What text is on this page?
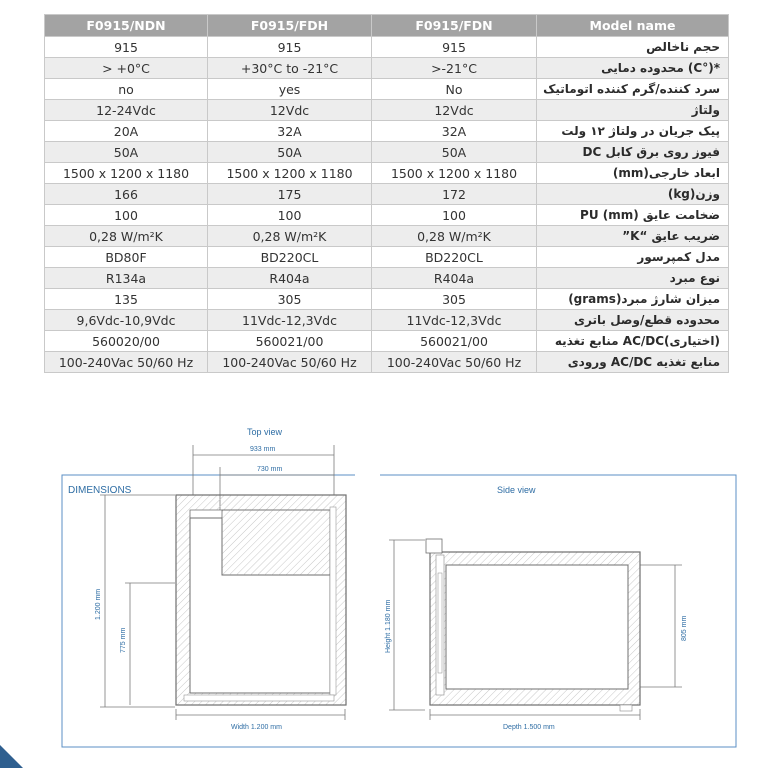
F0915/NDN	F0915/FDH	F0915/FDN	Model name
915	915	915	حجم ناخالص
> +0°C	+30°C to -21°C	>-21°C	*(°C) محدوده دمایی
no	yes	No	سرد کننده/گرم کننده اتوماتیک
12-24Vdc	12Vdc	12Vdc	ولتاژ
20A	32A	32A	پیک جریان در ولتاژ ۱۲ ولت
50A	50A	50A	فیوز روی برق کابل DC
1500 x 1200 x 1180	1500 x 1200 x 1180	1500 x 1200 x 1180	ابعاد خارجی(mm)
166	175	172	وزن(kg)
100	100	100	ضخامت عایق PU (mm)
0,28 W/m²K	0,28 W/m²K	0,28 W/m²K	ضریب عایق “K”
BD80F	BD220CL	BD220CL	مدل کمپرسور
R134a	R404a	R404a	نوع مبرد
135	305	305	میزان شارژ مبرد(grams)
9,6Vdc-10,9Vdc	11Vdc-12,3Vdc	11Vdc-12,3Vdc	محدوده قطع/وصل باتری
560020/00	560021/00	560021/00	(اختیاری)AC/DC منابع تغذیه
100-240Vac 50/60 Hz	100-240Vac 50/60 Hz	100-240Vac 50/60 Hz	منابع تغذیه AC/DC ورودی
DIMENSIONS
Top view
Side view
933 mm
730 mm
1.200 mm
775 mm
Width 1.200 mm
Height 1.180 mm	805 mm
Depth 1.500 mm
